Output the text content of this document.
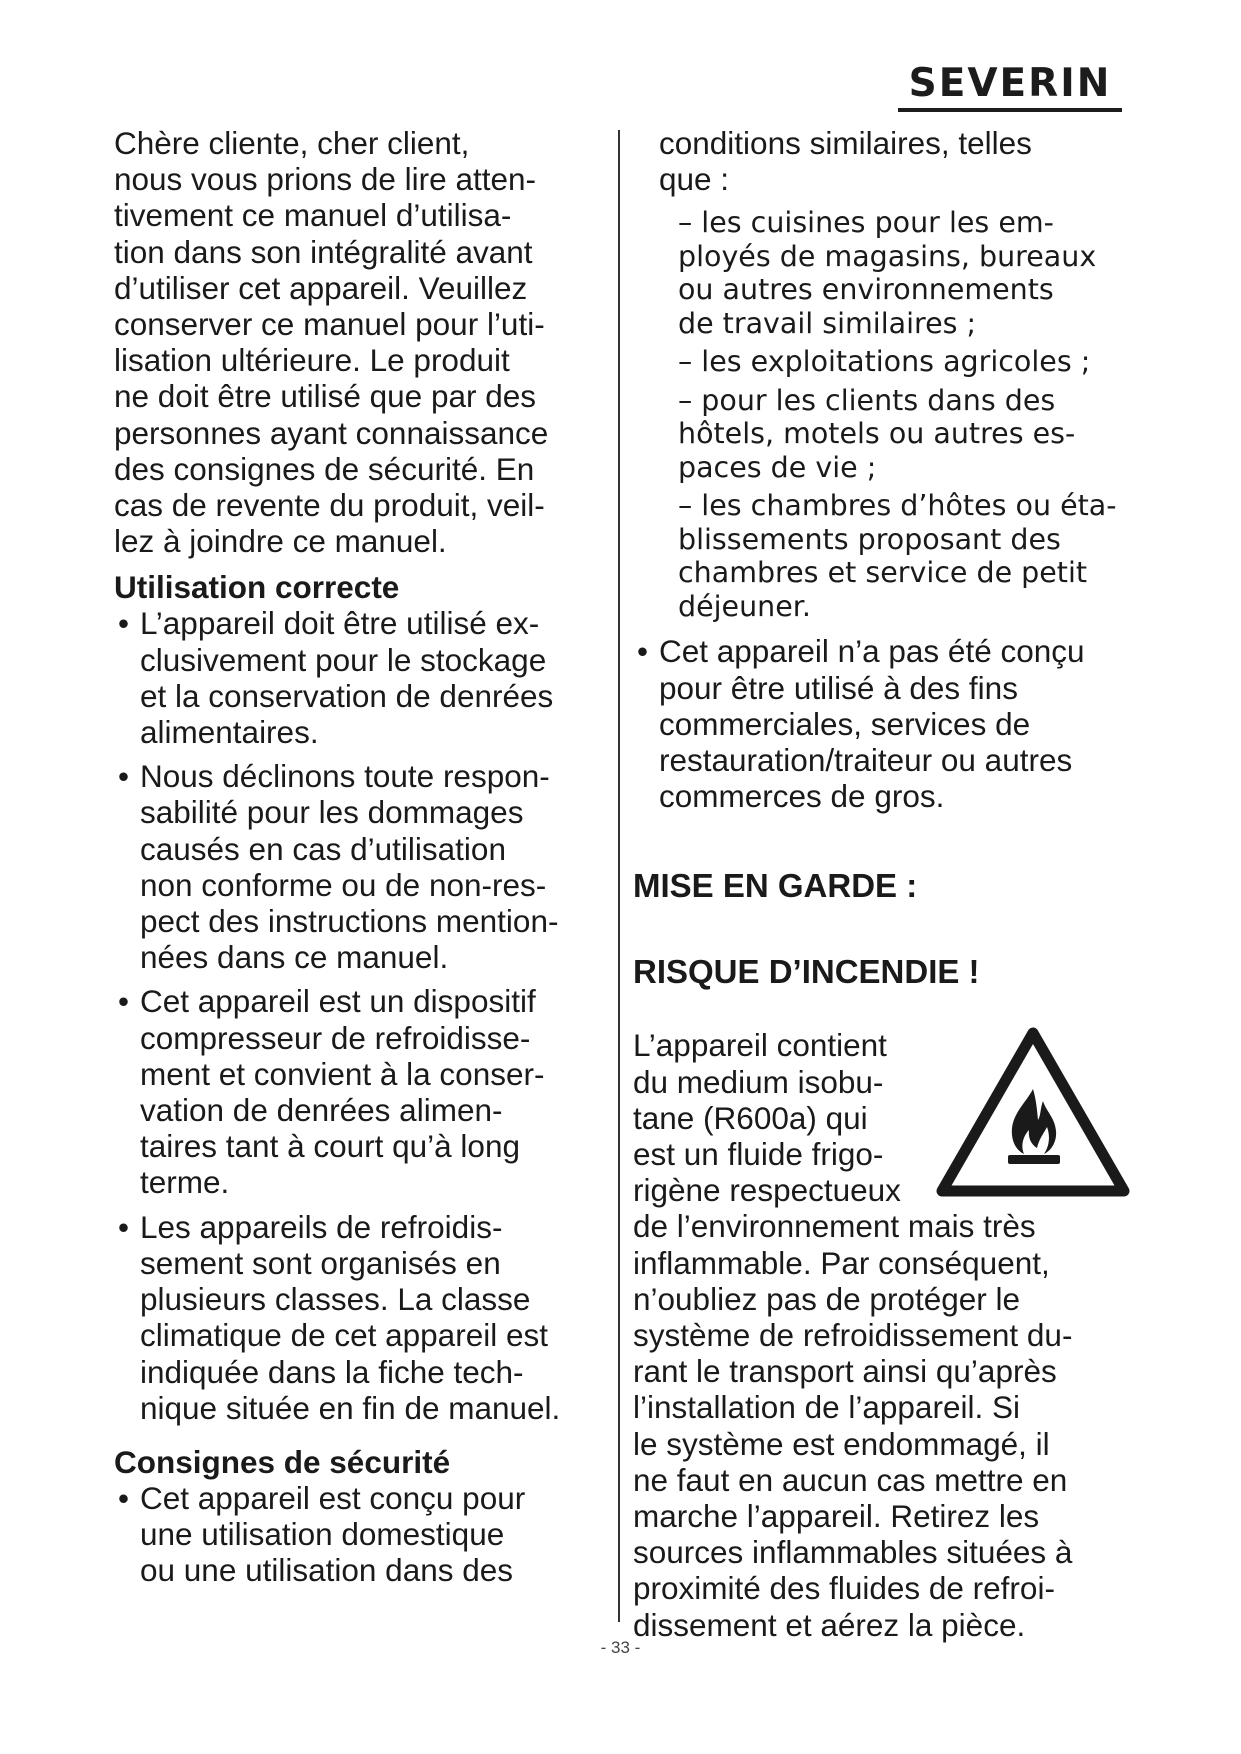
SEVERIN

Chère cliente, cher client,
nous vous prions de lire atten-
tivement ce manuel d’utilisa-
tion dans son intégralité avant
d’utiliser cet appareil. Veuillez
conserver ce manuel pour l’uti-
lisation ultérieure. Le produit
ne doit être utilisé que par des
personnes ayant connaissance
des consignes de sécurité. En
cas de revente du produit, veil-
lez à joindre ce manuel.

Utilisation correcte

• L’appareil doit être utilisé ex-
clusivement pour le stockage
et la conservation de denrées
alimentaires.

• Nous déclinons toute respon-
sabilité pour les dommages
causés en cas d’utilisation
non conforme ou de non-res-
pect des instructions mention-
nées dans ce manuel.

• Cet appareil est un dispositif
compresseur de refroidisse-
ment et convient à la conser-
vation de denrées alimen-
taires tant à court qu’à long
terme.

• Les appareils de refroidis-
sement sont organisés en
plusieurs classes. La classe
climatique de cet appareil est
indiquée dans la fiche tech-
nique située en fin de manuel.

Consignes de sécurité

• Cet appareil est conçu pour
une utilisation domestique
ou une utilisation dans des

conditions similaires, telles
que :

– les cuisines pour les em-
ployés de magasins, bureaux
ou autres environnements
de travail similaires ;

– les exploitations agricoles ;

– pour les clients dans des
hôtels, motels ou autres es-
paces de vie ;

– les chambres d’hôtes ou éta-
blissements proposant des
chambres et service de petit
déjeuner.

• Cet appareil n’a pas été conçu
pour être utilisé à des fins
commerciales, services de
restauration/traiteur ou autres
commerces de gros.

MISE EN GARDE :

RISQUE D’INCENDIE !

L’appareil contient
du medium isobu-
tane (R600a) qui
est un fluide frigo-
rigène respectueux
de l’environnement mais très
inflammable. Par conséquent,
n’oubliez pas de protéger le
système de refroidissement du-
rant le transport ainsi qu’après
l’installation de l’appareil. Si
le système est endommagé, il
ne faut en aucun cas mettre en
marche l’appareil. Retirez les
sources inflammables situées à
proximité des fluides de refroi-
dissement et aérez la pièce.
- 33 -
